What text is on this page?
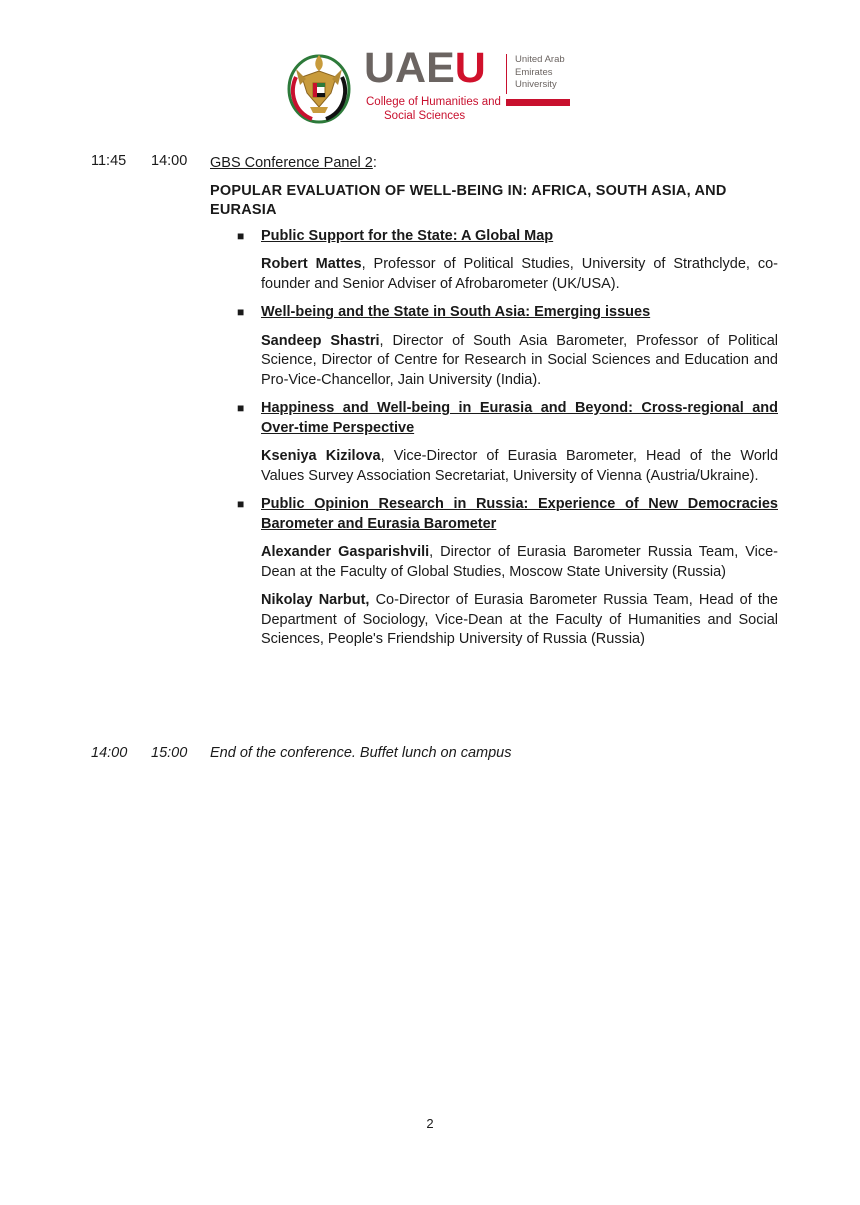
UAEU
College of Humanities and
Social Sciences
United Arab
Emirates
University
11:45 14:00 GBS Conference Panel 2:
POPULAR EVALUATION OF WELL-BEING IN: AFRICA, SOUTH ASIA, AND EURASIA
■ Public Support for the State: A Global Map
Robert Mattes, Professor of Political Studies, University of Strathclyde, co-founder and Senior Adviser of Afrobarometer (UK/USA).
■ Well-being and the State in South Asia: Emerging issues
Sandeep Shastri, Director of South Asia Barometer, Professor of Political Science, Director of Centre for Research in Social Sciences and Education and Pro-Vice-Chancellor, Jain University (India).
■ Happiness and Well-being in Eurasia and Beyond: Cross-regional and Over-time Perspective
Kseniya Kizilova, Vice-Director of Eurasia Barometer, Head of the World Values Survey Association Secretariat, University of Vienna (Austria/Ukraine).
■ Public Opinion Research in Russia: Experience of New Democracies Barometer and Eurasia Barometer
Alexander Gasparishvili, Director of Eurasia Barometer Russia Team, Vice-Dean at the Faculty of Global Studies, Moscow State University (Russia)
Nikolay Narbut, Co-Director of Eurasia Barometer Russia Team, Head of the Department of Sociology, Vice-Dean at the Faculty of Humanities and Social Sciences, People's Friendship University of Russia (Russia)
14:00 15:00 End of the conference. Buffet lunch on campus
2
